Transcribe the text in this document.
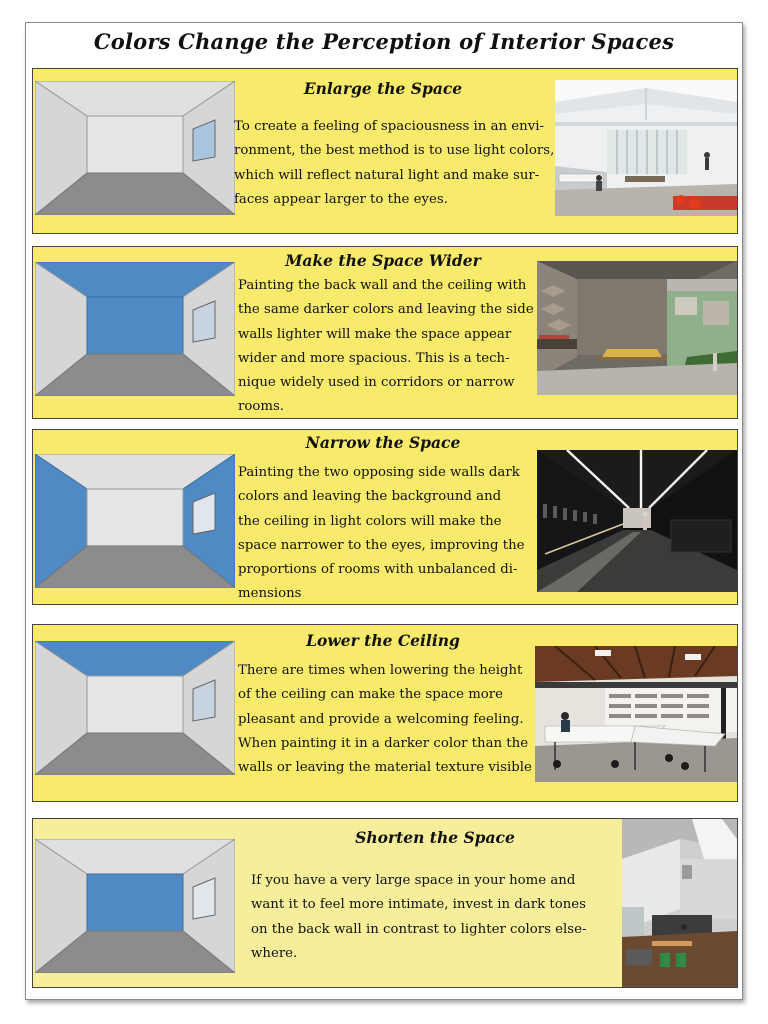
Colors Change the Perception of Interior Spaces
Enlarge the Space
To create a feeling of spaciousness in an envi-
ronment, the best method is to use light colors,
which will reflect natural light and make sur-
faces appear larger to the eyes.
Make the Space Wider
Painting the back wall and the ceiling with
the same darker colors and leaving the side
walls lighter will make the space appear
wider and more spacious. This is a tech-
nique widely used in corridors or narrow
rooms.
Narrow the Space
Painting the two opposing side walls dark
colors and leaving the background and
the ceiling in light colors will make the
space narrower to the eyes, improving the
proportions of rooms with unbalanced di-
mensions
Lower the Ceiling
There are times when lowering the height
of the ceiling can make the space more
pleasant and provide a welcoming feeling.
When painting it in a darker color than the
walls or leaving the material texture visible
Shorten the Space
If you have a very large space in your home and
want it to feel more intimate, invest in dark tones
on the back wall in contrast to lighter colors else-
where.
